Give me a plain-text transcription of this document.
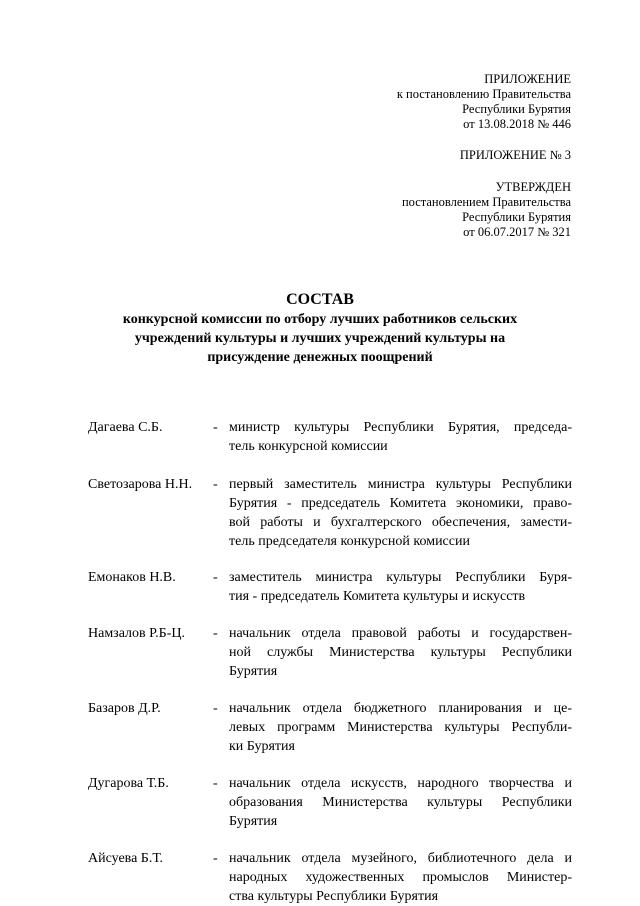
ПРИЛОЖЕНИЕ
к постановлению Правительства
Республики Бурятия
от 13.08.2018 № 446
ПРИЛОЖЕНИЕ № 3
УТВЕРЖДЕН
постановлением Правительства
Республики Бурятия
от 06.07.2017 № 321
СОСТАВ
конкурсной комиссии по отбору лучших работников сельских
учреждений культуры и лучших учреждений культуры на
присуждение денежных поощрений
Дагаева С.Б.	- министр культуры Республики Бурятия, председа-
тель конкурсной комиссии
Светозарова Н.Н.	- первый заместитель министра культуры Республики
Бурятия - председатель Комитета экономики, право-
вой работы и бухгалтерского обеспечения, замести-
тель председателя конкурсной комиссии
Емонаков Н.В.	- заместитель министра культуры Республики Буря-
тия - председатель Комитета культуры и искусств
Намзалов Р.Б-Ц.	- начальник отдела правовой работы и государствен-
ной службы Министерства культуры Республики
Бурятия
Базаров Д.Р.	- начальник отдела бюджетного планирования и це-
левых программ Министерства культуры Республи-
ки Бурятия
Дугарова Т.Б.	- начальник отдела искусств, народного творчества и
образования Министерства культуры Республики
Бурятия
Айсуева Б.Т.	- начальник отдела музейного, библиотечного дела и
народных художественных промыслов Министер-
ства культуры Республики Бурятия
